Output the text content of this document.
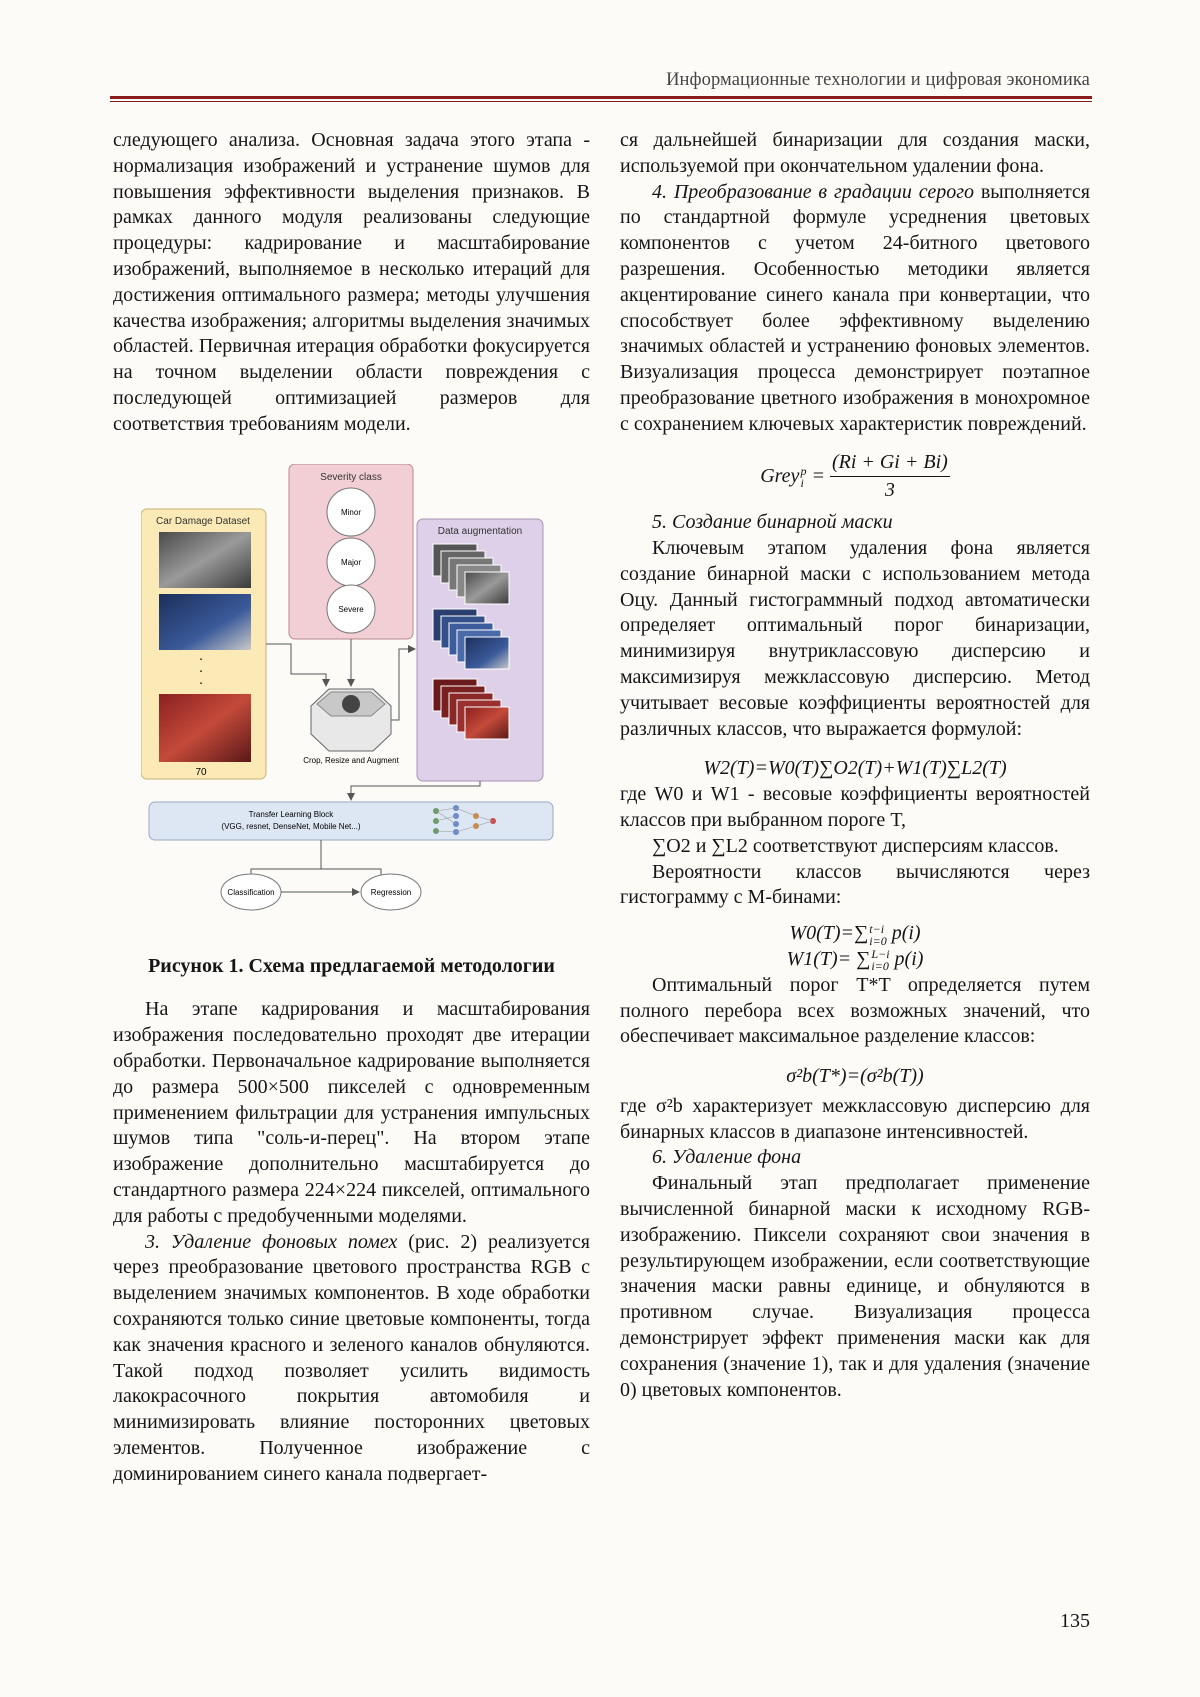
Информационные технологии и цифровая экономика

следующего анализа. Основная задача этого этапа - нормализация изображений и устранение шумов для повышения эффективности выделения признаков. В рамках данного модуля реализованы следующие процедуры: кадрирование и масштабирование изображений, выполняемое в несколько итераций для достижения оптимального размера; методы улучшения качества изображения; алгоритмы выделения значимых областей. Первичная итерация обработки фокусируется на точном выделении области повреждения с последующей оптимизацией размеров для соответствия требованиям модели.

Severity class
Minor
Major
Severe
Car Damage Dataset
.
.
.
70
Data augmentation
Crop, Resize and Augment
Transfer Learning Block
(VGG, resnet, DenseNet, Mobile Net...)
Classification	Regression

Рисунок 1. Схема предлагаемой методологии

На этапе кадрирования и масштабирования изображения последовательно проходят две итерации обработки. Первоначальное кадрирование выполняется до размера 500×500 пикселей с одновременным применением фильтрации для устранения импульсных шумов типа "соль-и-перец". На втором этапе изображение дополнительно масштабируется до стандартного размера 224×224 пикселей, оптимального для работы с предобученными моделями.

3. Удаление фоновых помех (рис. 2) реализуется через преобразование цветового пространства RGB с выделением значимых компонентов. В ходе обработки сохраняются только синие цветовые компоненты, тогда как значения красного и зеленого каналов обнуляются. Такой подход позволяет усилить видимость лакокрасочного покрытия автомобиля и минимизировать влияние посторонних цветовых элементов. Полученное изображение с доминированием синего канала подвергает-

ся дальнейшей бинаризации для создания маски, используемой при окончательном удалении фона.

4. Преобразование в градации серого выполняется по стандартной формуле усреднения цветовых компонентов с учетом 24-битного цветового разрешения. Особенностью методики является акцентирование синего канала при конвертации, что способствует более эффективному выделению значимых областей и устранению фоновых элементов. Визуализация процесса демонстрирует поэтапное преобразование цветного изображения в монохромное с сохранением ключевых характеристик повреждений.

Grey p
$i = \frac{(Ri + Gi + Bi)}{3}$

5. Создание бинарной маски

Ключевым этапом удаления фона является создание бинарной маски с использованием метода Оцу. Данный гистограммный подход автоматически определяет оптимальный порог бинаризации, минимизируя внутриклассовую дисперсию и максимизируя межклассовую дисперсию. Метод учитывает весовые коэффициенты вероятностей для различных классов, что выражается формулой:

W2(T)=W0(T)∑O2(T)+W1(T)∑L2(T)

где W0 и W1 - весовые коэффициенты вероятностей классов при выбранном пороге T,

∑O2 и ∑L2 соответствуют дисперсиям классов.

Вероятности классов вычисляются через гистограмму с M-бинами:

W0(T)=∑ t−i
i=0 p(i)

W1(T)= ∑ L−i
i=0 p(i)

Оптимальный порог T*T определяется путем полного перебора всех возможных значений, что обеспечивает максимальное разделение классов:

σ²b(T*)=(σ²b(T))

где σ²b характеризует межклассовую дисперсию для бинарных классов в диапазоне интенсивностей.

6. Удаление фона

Финальный этап предполагает применение вычисленной бинарной маски к исходному RGB-изображению. Пиксели сохраняют свои значения в результирующем изображении, если соответствующие значения маски равны единице, и обнуляются в противном случае. Визуализация процесса демонстрирует эффект применения маски как для сохранения (значение 1), так и для удаления (значение 0) цветовых компонентов.

135
